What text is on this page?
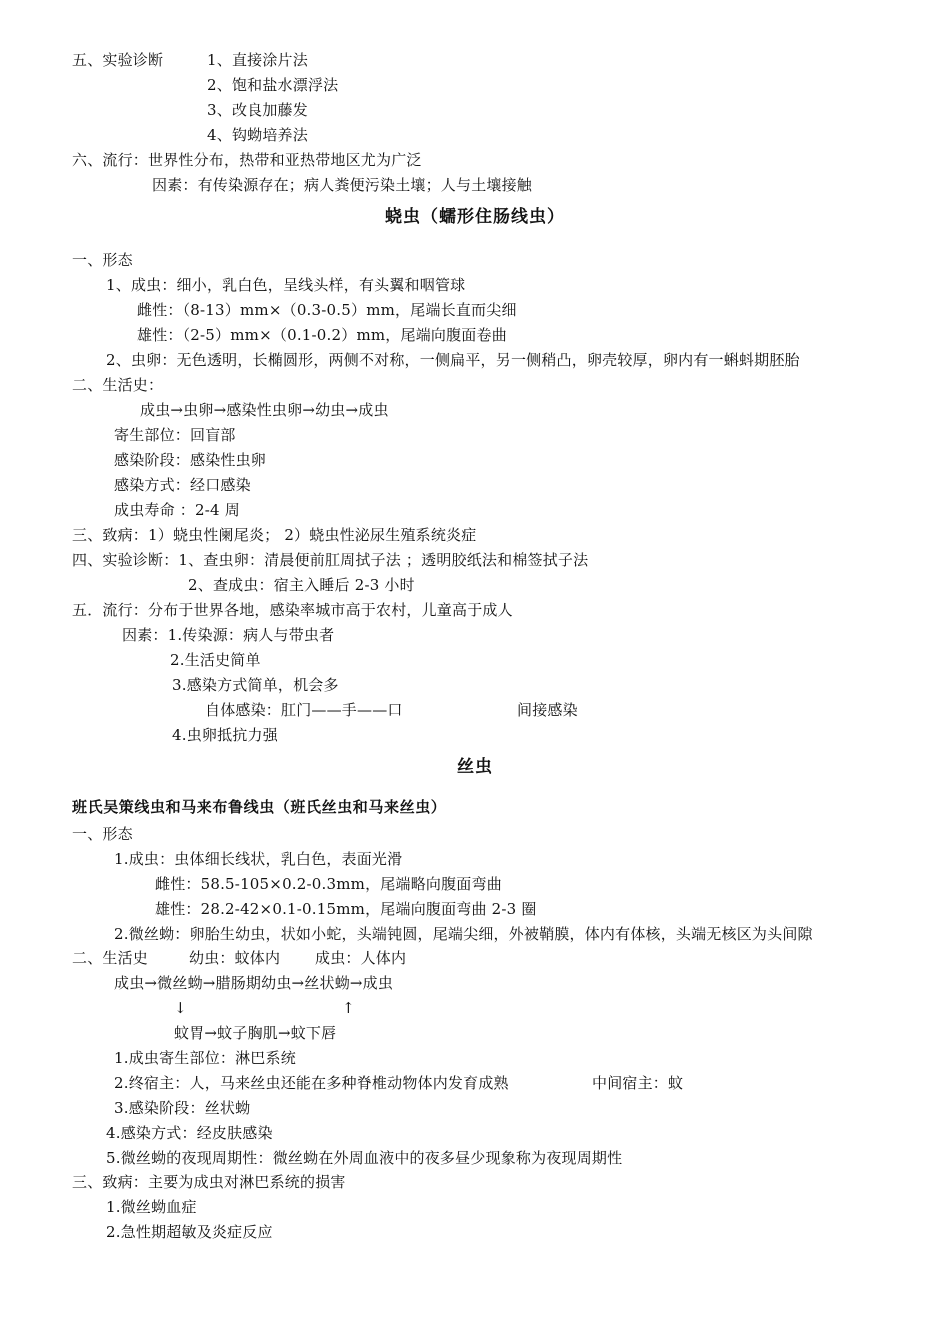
五、实验诊断	1、直接涂片法
2、饱和盐水漂浮法
3、改良加藤发
4、钩蚴培养法
六、流行：世界性分布，热带和亚热带地区尤为广泛
因素：有传染源存在；病人粪便污染土壤；人与土壤接触
蛲虫（蠕形住肠线虫）
一、形态
1、成虫：细小，乳白色，呈线头样，有头翼和咽管球
雌性：（8-13）mm×（0.3-0.5）mm，尾端长直而尖细
雄性：（2-5）mm×（0.1-0.2）mm，尾端向腹面卷曲
2、虫卵：无色透明，长椭圆形，两侧不对称，一侧扁平，另一侧稍凸，卵壳较厚，卵内有一蝌蚪期胚胎
二、生活史：
成虫→虫卵→感染性虫卵→幼虫→成虫
寄生部位：回盲部
感染阶段：感染性虫卵
感染方式：经口感染
成虫寿命 ：2-4 周
三、致病：1）蛲虫性阑尾炎； 2）蛲虫性泌尿生殖系统炎症
四、实验诊断：1、查虫卵：清晨便前肛周拭子法 ；透明胶纸法和棉签拭子法
2、查成虫：宿主入睡后 2-3 小时
五．流行：分布于世界各地，感染率城市高于农村，儿童高于成人
因素：1.传染源：病人与带虫者
2.生活史简单
3.感染方式简单，机会多
自体感染：肛门——手——口	间接感染
4.虫卵抵抗力强
丝虫
班氏吴策线虫和马来布鲁线虫（班氏丝虫和马来丝虫）
一、形态
1.成虫：虫体细长线状，乳白色，表面光滑
雌性：58.5-105×0.2-0.3mm，尾端略向腹面弯曲
雄性：28.2-42×0.1-0.15mm，尾端向腹面弯曲 2-3 圈
2.微丝蚴：卵胎生幼虫，状如小蛇，头端钝圆，尾端尖细，外被鞘膜，体内有体核，头端无核区为头间隙
二、生活史	幼虫：蚊体内 成虫：人体内
成虫→微丝蚴→腊肠期幼虫→丝状蚴→成虫
↓	↑
蚊胃→蚊子胸肌→蚊下唇
1.成虫寄生部位：淋巴系统
2.终宿主：人，马来丝虫还能在多种脊椎动物体内发育成熟	中间宿主：蚊
3.感染阶段：丝状蚴
4.感染方式：经皮肤感染
5.微丝蚴的夜现周期性：微丝蚴在外周血液中的夜多昼少现象称为夜现周期性
三、致病：主要为成虫对淋巴系统的损害
1.微丝蚴血症
2.急性期超敏及炎症反应
